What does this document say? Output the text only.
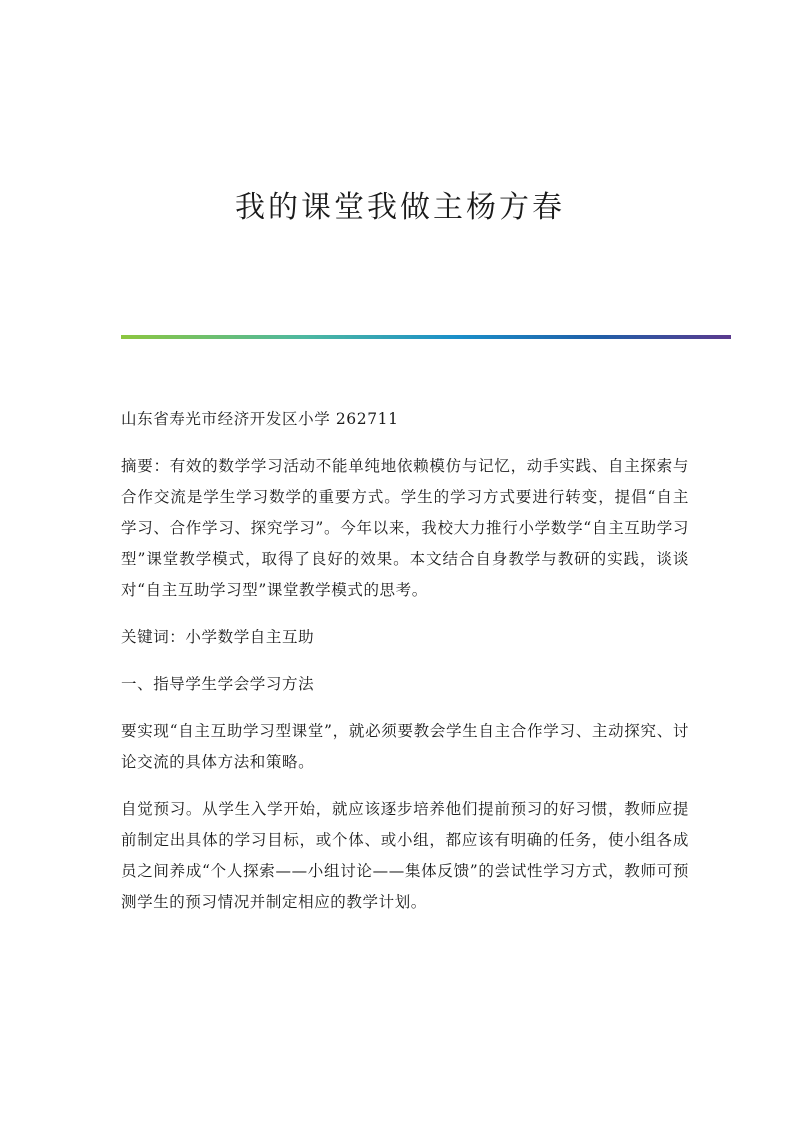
我的课堂我做主杨方春

山东省寿光市经济开发区小学 262711

摘要：有效的数学学习活动不能单纯地依赖模仿与记忆，动手实践、自主探索与合作交流是学生学习数学的重要方式。学生的学习方式要进行转变，提倡“自主学习、合作学习、探究学习”。今年以来，我校大力推行小学数学“自主互助学习型”课堂教学模式，取得了良好的效果。本文结合自身教学与教研的实践，谈谈对“自主互助学习型”课堂教学模式的思考。

关键词：小学数学自主互助

一、指导学生学会学习方法

要实现“自主互助学习型课堂”，就必须要教会学生自主合作学习、主动探究、讨论交流的具体方法和策略。

自觉预习。从学生入学开始，就应该逐步培养他们提前预习的好习惯，教师应提前制定出具体的学习目标，或个体、或小组，都应该有明确的任务，使小组各成员之间养成“个人探索——小组讨论——集体反馈”的尝试性学习方式，教师可预测学生的预习情况并制定相应的教学计划。
